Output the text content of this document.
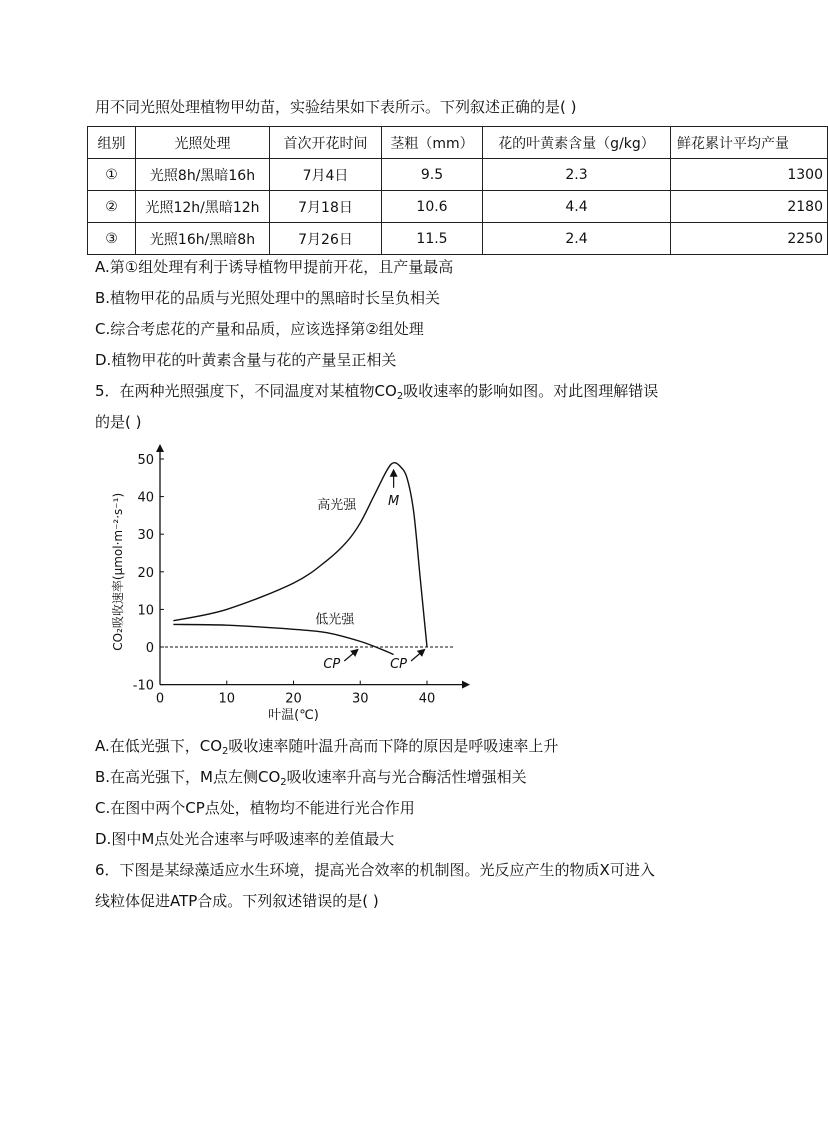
用不同光照处理植物甲幼苗，实验结果如下表所示。下列叙述正确的是( )
组别	光照处理	首次开花时间	茎粗（mm）	花的叶黄素含量（g/kg）	鲜花累计平均产量
①	光照8h/黑暗16h	7月4日	9.5	2.3	1300
②	光照12h/黑暗12h	7月18日	10.6	4.4	2180
③	光照16h/黑暗8h	7月26日	11.5	2.4	2250
A.第①组处理有利于诱导植物甲提前开花，且产量最高
B.植物甲花的品质与光照处理中的黑暗时长呈负相关
C.综合考虑花的产量和品质，应该选择第②组处理
D.植物甲花的叶黄素含量与花的产量呈正相关
5．在两种光照强度下，不同温度对某植物$CO_2$吸收速率的影响如图。对此图理解错误
的是( )
-10
0
10
20
30
40
50
0	10	20	30	40
叶温(℃)
CO₂吸收速率(μmol·m⁻²·s⁻¹)	高光强
低光强
M
CP	CP
A.在低光强下，$CO_2$吸收速率随叶温升高而下降的原因是呼吸速率上升
B.在高光强下，M点左侧$CO_2$吸收速率升高与光合酶活性增强相关
C.在图中两个CP点处，植物均不能进行光合作用
D.图中M点处光合速率与呼吸速率的差值最大
6．下图是某绿藻适应水生环境，提高光合效率的机制图。光反应产生的物质X可进入
线粒体促进ATP合成。下列叙述错误的是( )
